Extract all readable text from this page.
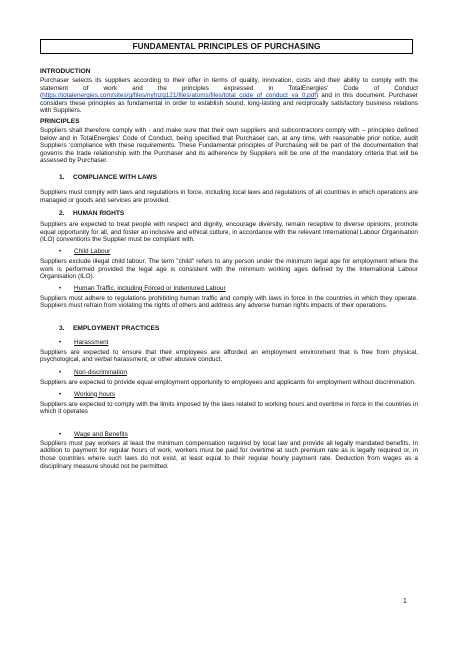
FUNDAMENTAL PRINCIPLES OF PURCHASING
INTRODUCTION

Purchaser selects its suppliers according to their offer in terms of quality, innovation, costs and their ability to comply with the statement of work and the principles expressed in TotalEnergies' Code of Conduct (https://totalenergies.com/sites/g/files/nytnzq121/files/atoms/files/total_code_of_conduct_va_0.pdf) and in this document. Purchaser considers these principles as fundamental in order to establish sound, long-lasting and reciprocally satisfactory business relations with Suppliers.

PRINCIPLES

Suppliers shall therefore comply with - and make sure that their own suppliers and subcontractors comply with – principles defined below and in TotalEnergies' Code of Conduct, being specified that Purchaser can, at any time, with reasonable prior notice, audit Suppliers 'compliance with these requirements. These Fundamental principles of Purchasing will be part of the documentation that governs the trade relationship with the Purchaser and its adherence by Suppliers will be one of the mandatory criteria that will be assessed by Purchaser.

1.	COMPLIANCE WITH LAWS

Suppliers must comply with laws and regulations in force, including local laws and regulations of all countries in which operations are managed or goods and services are provided.

2.	HUMAN RIGHTS

Suppliers are expected to treat people with respect and dignity, encourage diversity, remain receptive to diverse opinions, promote equal opportunity for all, and foster an inclusive and ethical culture, in accordance with the relevant International Labour Organisation (ILO) conventions the Supplier must be compliant with.

•	Child Labour

Suppliers exclude illegal child labour. The term "child" refers to any person under the minimum legal age for employment where the work is performed provided the legal age is consistent with the minimum working ages defined by the International Labour Organisation (ILO).

•	Human Traffic, including Forced or Indentured Labour

Suppliers must adhere to regulations prohibiting human traffic and comply with laws in force in the countries in which they operate. Suppliers must refrain from violating the rights of others and address any adverse human rights impacts of their operations.

3.	EMPLOYMENT PRACTICES
•	Harassment

Suppliers are expected to ensure that their employees are afforded an employment environment that is free from physical, psychological, and verbal harassment, or other abusive conduct.

•	Non-discrimination

Suppliers are expected to provide equal employment opportunity to employees and applicants for employment without discrimination.

•	Working hours

Suppliers are expected to comply with the limits imposed by the laws related to working hours and overtime in force in the countries in which it operates

•	Wage and Benefits

Suppliers must pay workers at least the minimum compensation required by local law and provide all legally mandated benefits. In addition to payment for regular hours of work, workers must be paid for overtime at such premium rate as is legally required or, in those countries where such laws do not exist, at least equal to their regular hourly payment rate. Deduction from wages as a disciplinary measure should not be permitted.

1
